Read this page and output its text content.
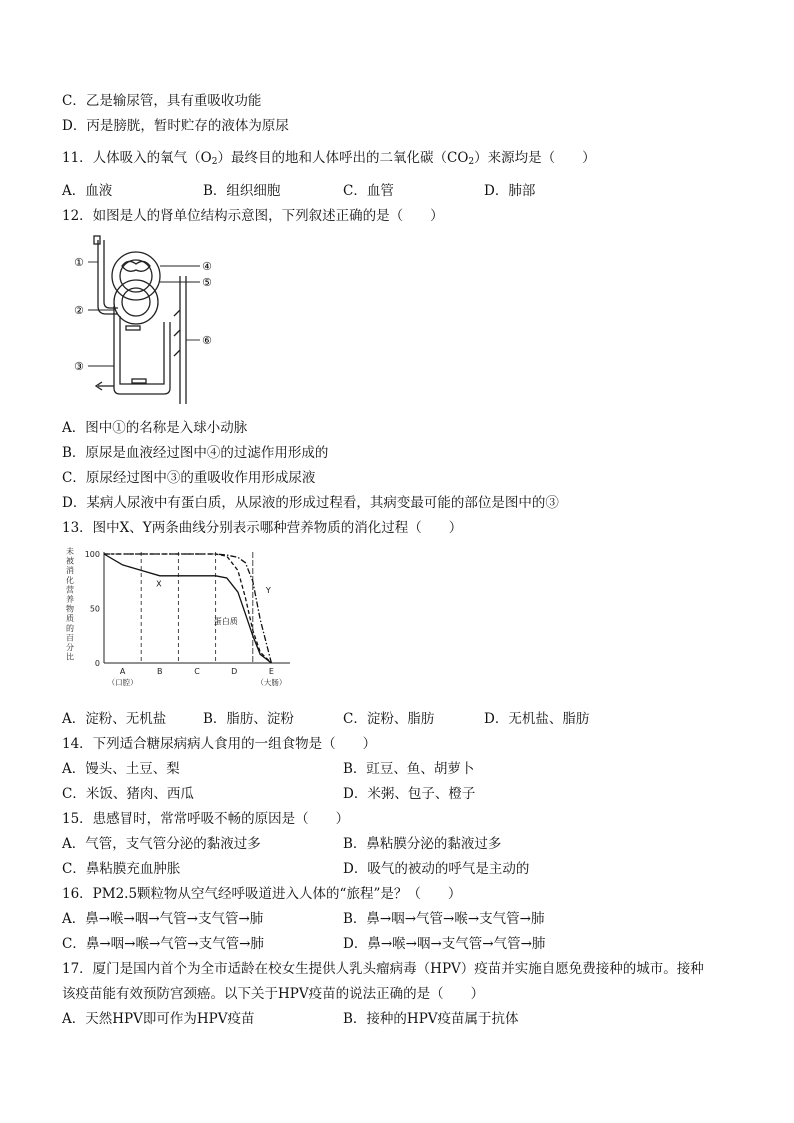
C．乙是输尿管，具有重吸收功能
D．丙是膀胱，暂时贮存的液体为原尿
11．人体吸入的氧气$(O_2)$最终目的地和人体呼出的二氧化碳$(CO_2)$来源均是（　　）
A．血液	B．组织细胞	C．血管	D．肺部
12．如图是人的肾单位结构示意图，下列叙述正确的是（　　）
①
②
③
④
⑤
⑥
A．图中①的名称是入球小动脉
B．原尿是血液经过图中④的过滤作用形成的
C．原尿经过图中③的重吸收作用形成尿液
D．某病人尿液中有蛋白质，从尿液的形成过程看，其病变最可能的部位是图中的③
13．图中X、Y两条曲线分别表示哪种营养物质的消化过程（　　）
未
被
消
化
营
养
物
质
的
百
分
比
100
50
0
A
（口腔）
B	C	D	E
（大肠）
X
Y
蛋白质
A．淀粉、无机盐	B．脂肪、淀粉	C．淀粉、脂肪	D．无机盐、脂肪
14．下列适合糖尿病病人食用的一组食物是（　　）
A．馒头、土豆、梨	B．豇豆、鱼、胡萝卜
C．米饭、猪肉、西瓜	D．米粥、包子、橙子
15．患感冒时，常常呼吸不畅的原因是（　　）
A．气管，支气管分泌的黏液过多	B．鼻粘膜分泌的黏液过多
C．鼻粘膜充血肿胀	D．吸气的被动的呼气是主动的
16．PM2.5颗粒物从空气经呼吸道进入人体的“旅程”是？（　　）
A．鼻→喉→咽→气管→支气管→肺	B．鼻→咽→气管→喉→支气管→肺
C．鼻→咽→喉→气管→支气管→肺	D．鼻→喉→咽→支气管→气管→肺
17．厦门是国内首个为全市适龄在校女生提供人乳头瘤病毒（HPV）疫苗并实施自愿免费接种的城市。接种
该疫苗能有效预防宫颈癌。以下关于HPV疫苗的说法正确的是（　　）
A．天然HPV即可作为HPV疫苗	B．接种的HPV疫苗属于抗体
